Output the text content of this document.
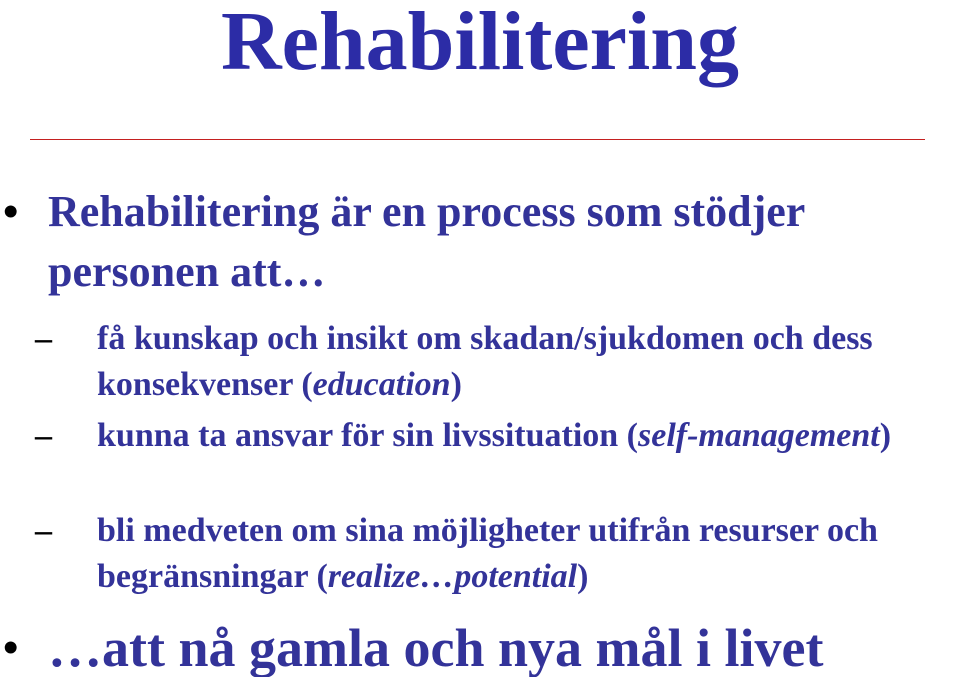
Rehabilitering
• Rehabilitering är en process som stödjer personen att…
– få kunskap och insikt om skadan/sjukdomen och dess konsekvenser (education)
– kunna ta ansvar för sin livssituation (self-management)
– bli medveten om sina möjligheter utifrån resurser och begränsningar (realize…potential)
• …att nå gamla och nya mål i livet
